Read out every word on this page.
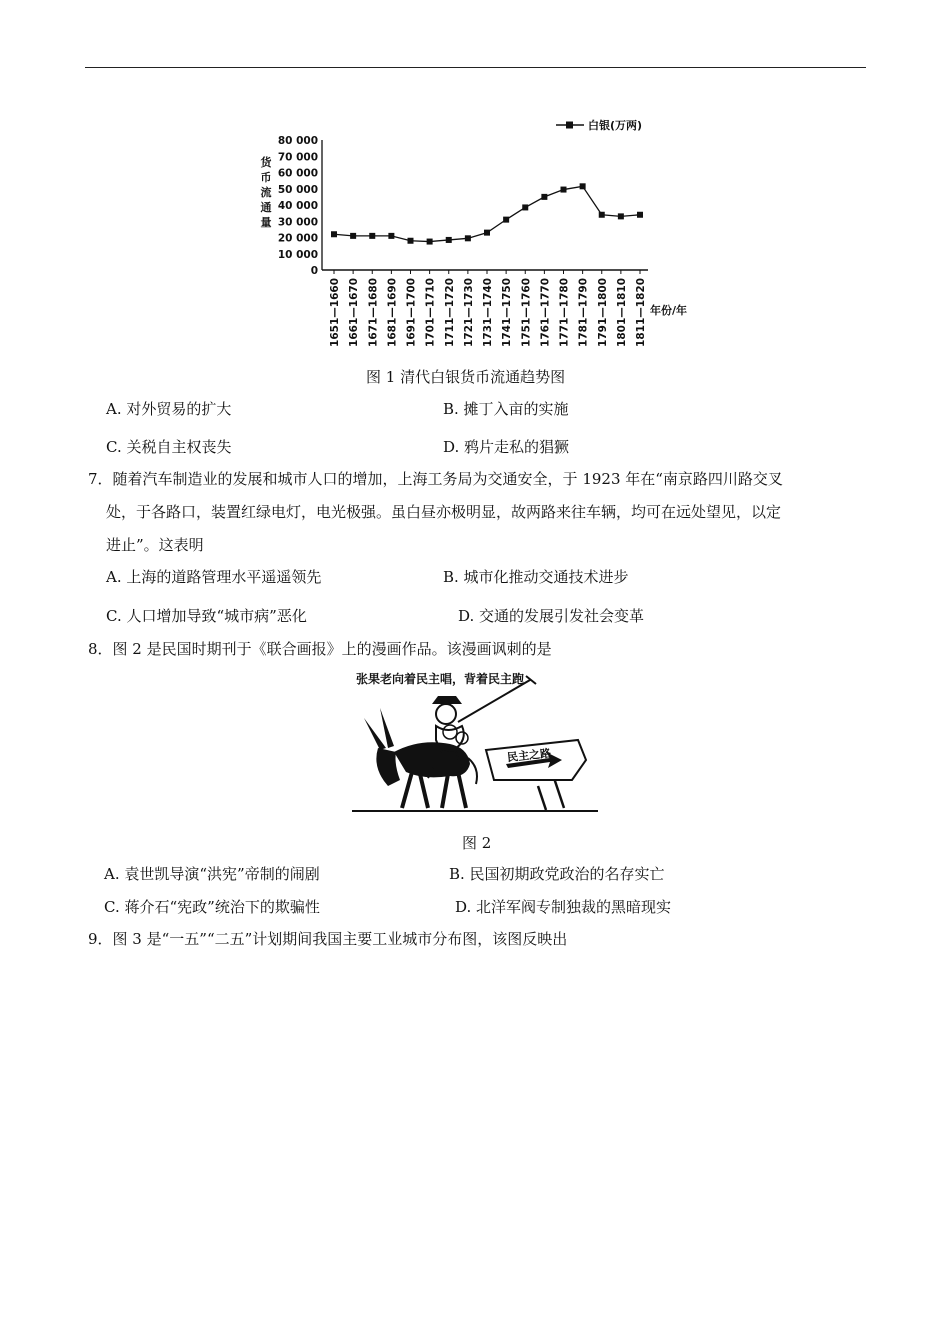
80 000
70 000
60 000
50 000
40 000
30 000
20 000
10 000
0
货
币
流
通
量
1651—1660 1661—1670 1671—1680 1681—1690 1691—1700 1701—1710 1711—1720 1721—1730 1731—1740 1741—1750 1751—1760 1761—1770 1771—1780 1781—1790 1791—1800 1801—1810 1811—1820
白银(万两)
年份/年
图 1 清代白银货币流通趋势图
A. 对外贸易的扩大	B. 摊丁入亩的实施
C. 关税自主权丧失	D. 鸦片走私的猖獗
7．随着汽车制造业的发展和城市人口的增加，上海工务局为交通安全，于 1923 年在“南京路四川路交叉
处，于各路口，装置红绿电灯，电光极强。虽白昼亦极明显，故两路来往车辆，均可在远处望见，以定
进止”。这表明
A. 上海的道路管理水平遥遥领先	B. 城市化推动交通技术进步
C. 人口增加导致“城市病”恶化	D. 交通的发展引发社会变革
8．图 2 是民国时期刊于《联合画报》上的漫画作品。该漫画讽刺的是
张果老向着民主唱，背着民主跑
民主之路
图 2
A. 袁世凯导演“洪宪”帝制的闹剧	B. 民国初期政党政治的名存实亡
C. 蒋介石“宪政”统治下的欺骗性	D. 北洋军阀专制独裁的黑暗现实
9．图 3 是“一五”“二五”计划期间我国主要工业城市分布图，该图反映出
